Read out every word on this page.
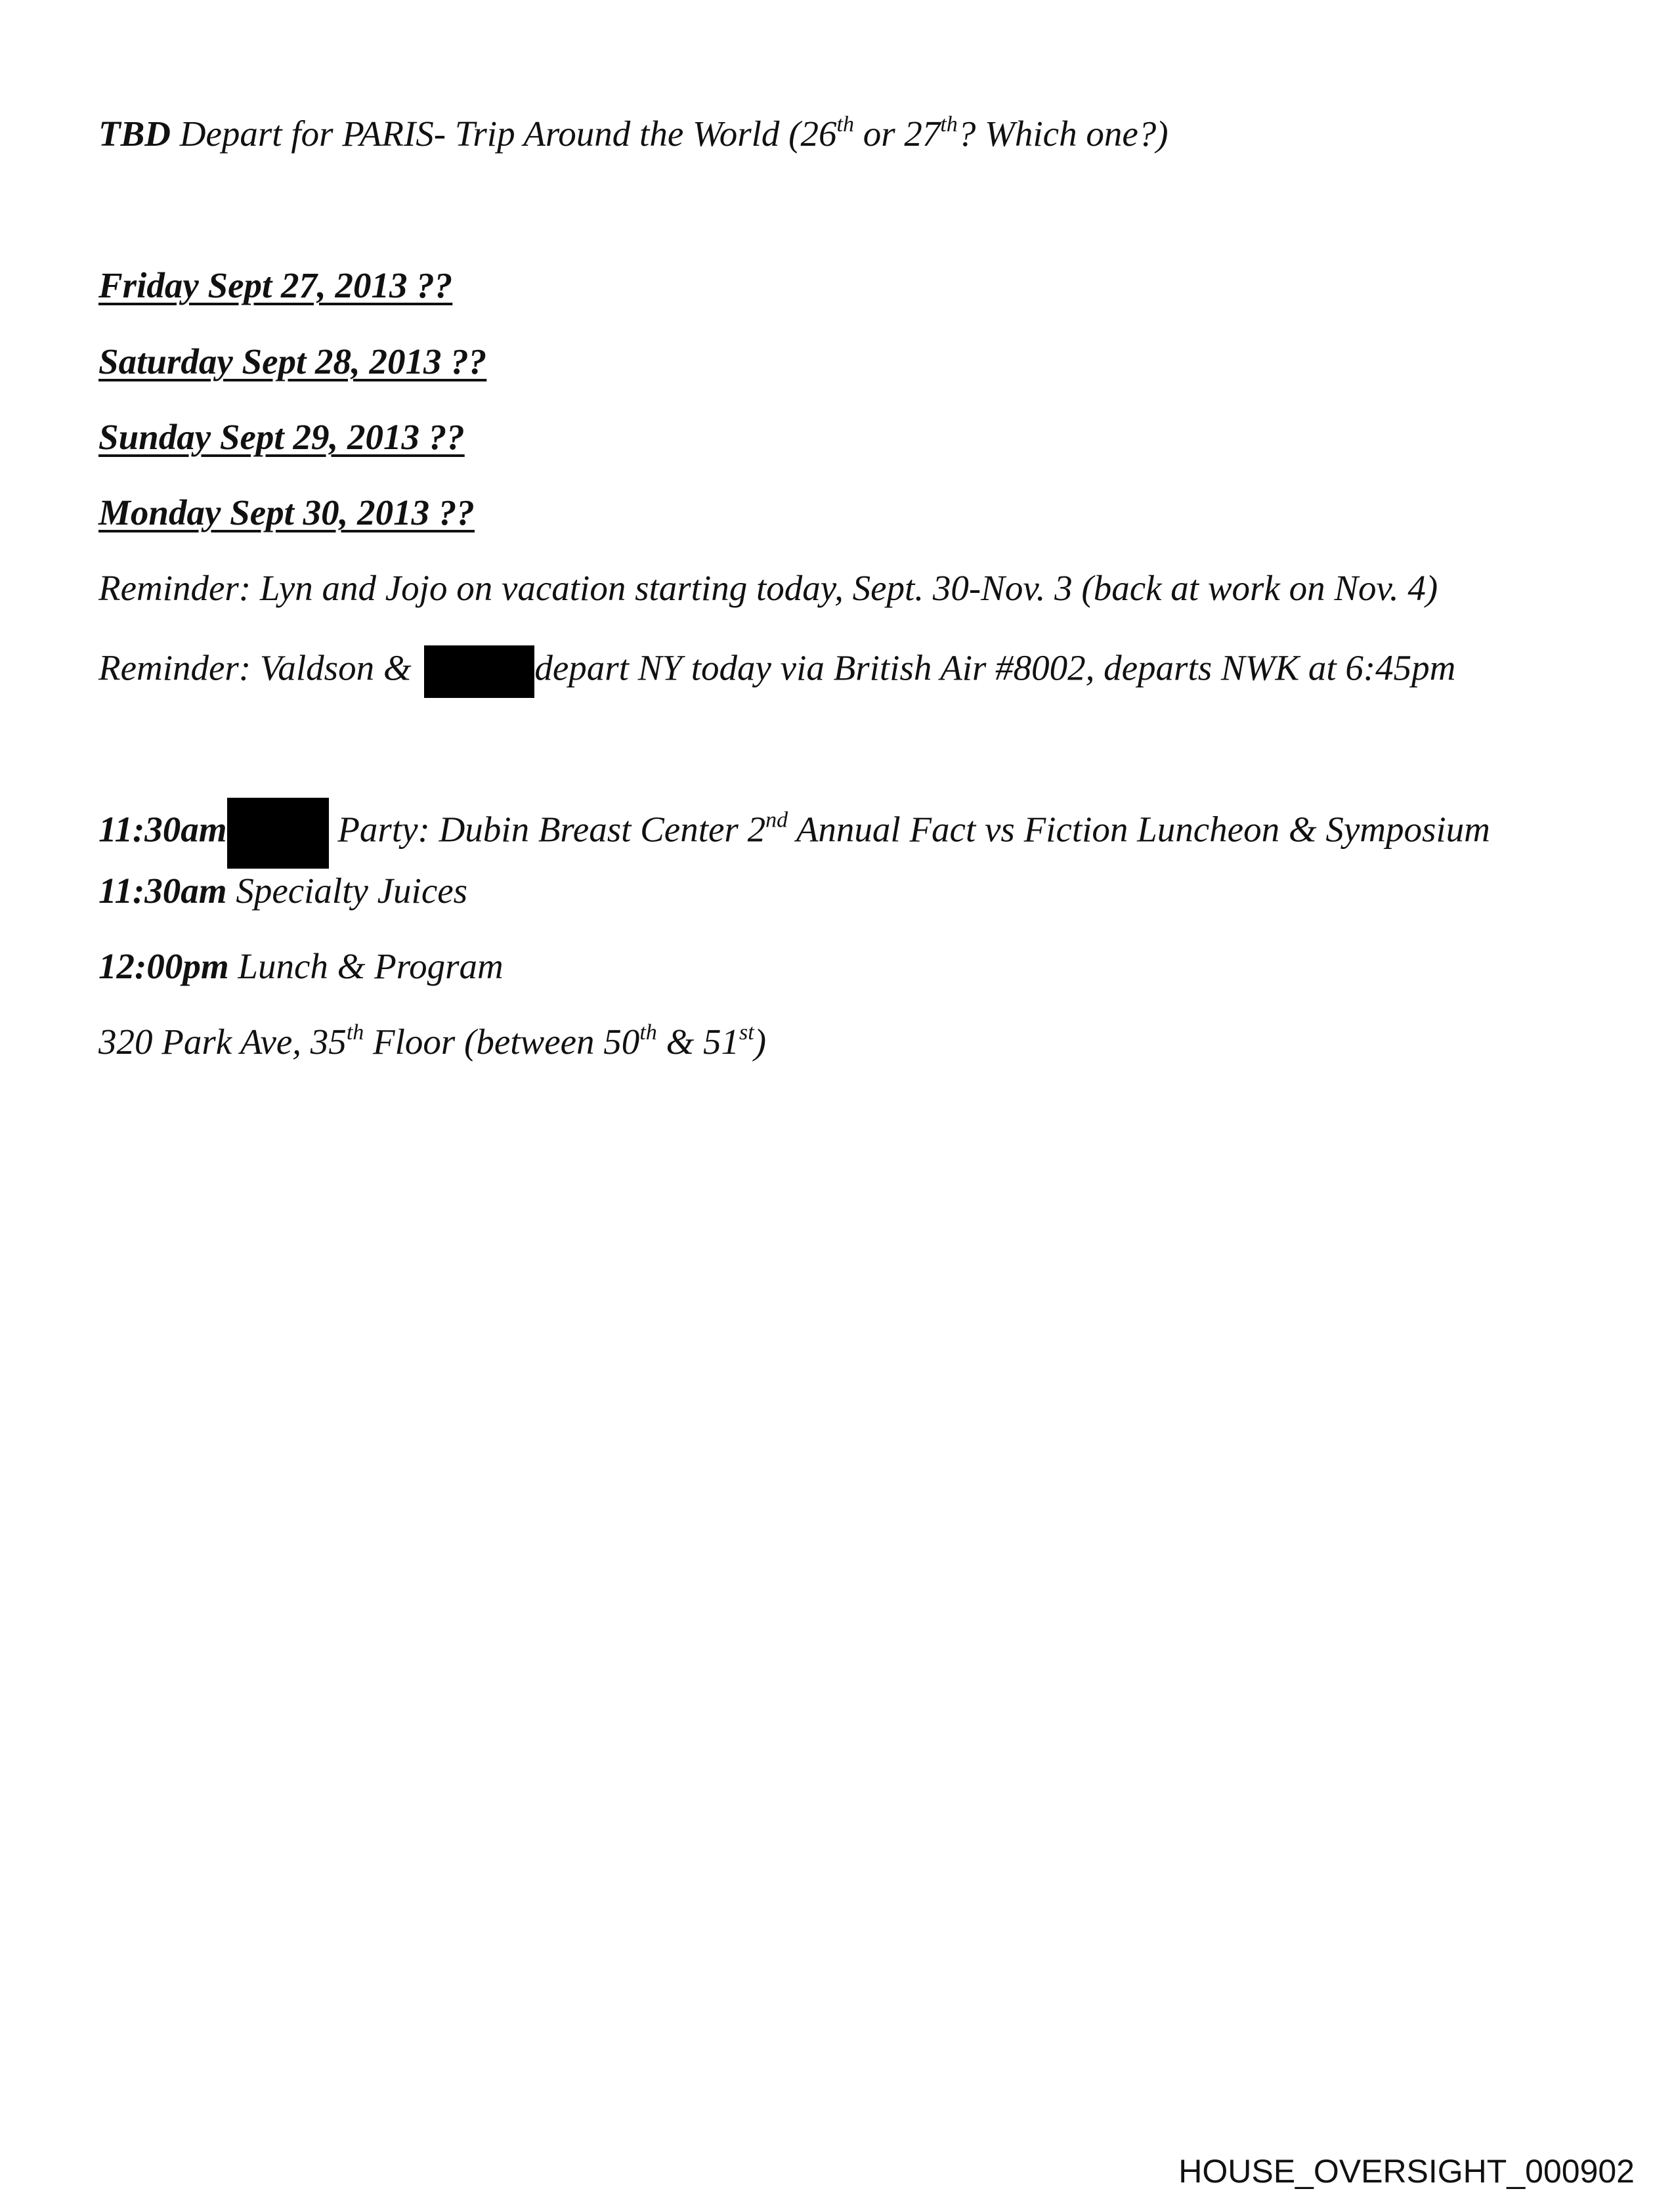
TBD Depart for PARIS- Trip Around the World (26th or 27th? Which one?)
Friday Sept 27, 2013 ??
Saturday Sept 28, 2013 ??
Sunday Sept 29, 2013 ??
Monday Sept 30, 2013 ??
Reminder: Lyn and Jojo on vacation starting today, Sept. 30-Nov. 3 (back at work on Nov. 4)
Reminder: Valdson &	depart NY today via British Air #8002, departs NWK at 6:45pm
11:30am	Party: Dubin Breast Center 2nd Annual Fact vs Fiction Luncheon & Symposium
11:30am Specialty Juices
12:00pm Lunch & Program
320 Park Ave, 35th Floor (between 50th & 51st)
HOUSE_OVERSIGHT_000902
